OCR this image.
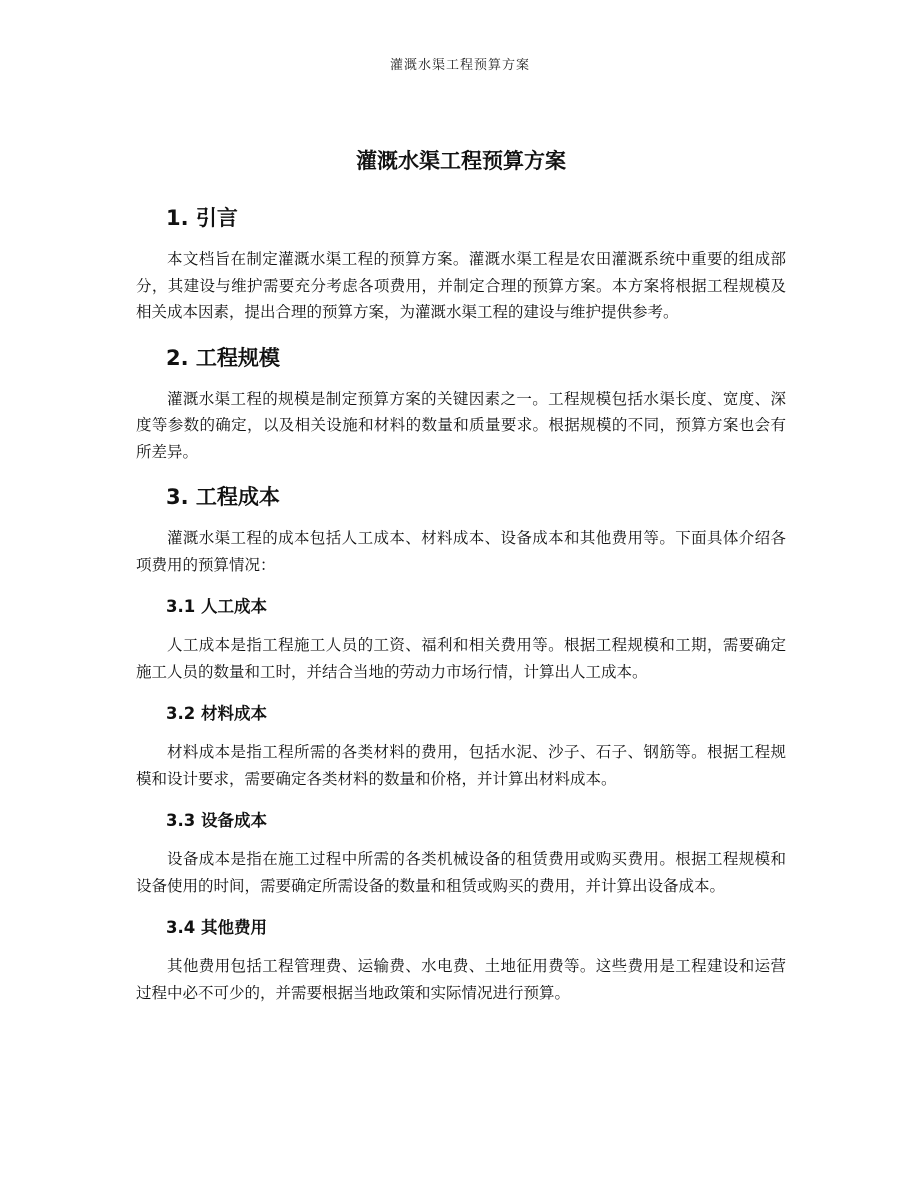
灌溉水渠工程预算方案
灌溉水渠工程预算方案
1. 引言

本文档旨在制定灌溉水渠工程的预算方案。灌溉水渠工程是农田灌溉系统中重要的组成部分，其建设与维护需要充分考虑各项费用，并制定合理的预算方案。本方案将根据工程规模及相关成本因素，提出合理的预算方案，为灌溉水渠工程的建设与维护提供参考。

2. 工程规模

灌溉水渠工程的规模是制定预算方案的关键因素之一。工程规模包括水渠长度、宽度、深度等参数的确定，以及相关设施和材料的数量和质量要求。根据规模的不同，预算方案也会有所差异。

3. 工程成本

灌溉水渠工程的成本包括人工成本、材料成本、设备成本和其他费用等。下面具体介绍各项费用的预算情况：

3.1 人工成本

人工成本是指工程施工人员的工资、福利和相关费用等。根据工程规模和工期，需要确定施工人员的数量和工时，并结合当地的劳动力市场行情，计算出人工成本。

3.2 材料成本

材料成本是指工程所需的各类材料的费用，包括水泥、沙子、石子、钢筋等。根据工程规模和设计要求，需要确定各类材料的数量和价格，并计算出材料成本。

3.3 设备成本

设备成本是指在施工过程中所需的各类机械设备的租赁费用或购买费用。根据工程规模和设备使用的时间，需要确定所需设备的数量和租赁或购买的费用，并计算出设备成本。

3.4 其他费用

其他费用包括工程管理费、运输费、水电费、土地征用费等。这些费用是工程建设和运营过程中必不可少的，并需要根据当地政策和实际情况进行预算。
